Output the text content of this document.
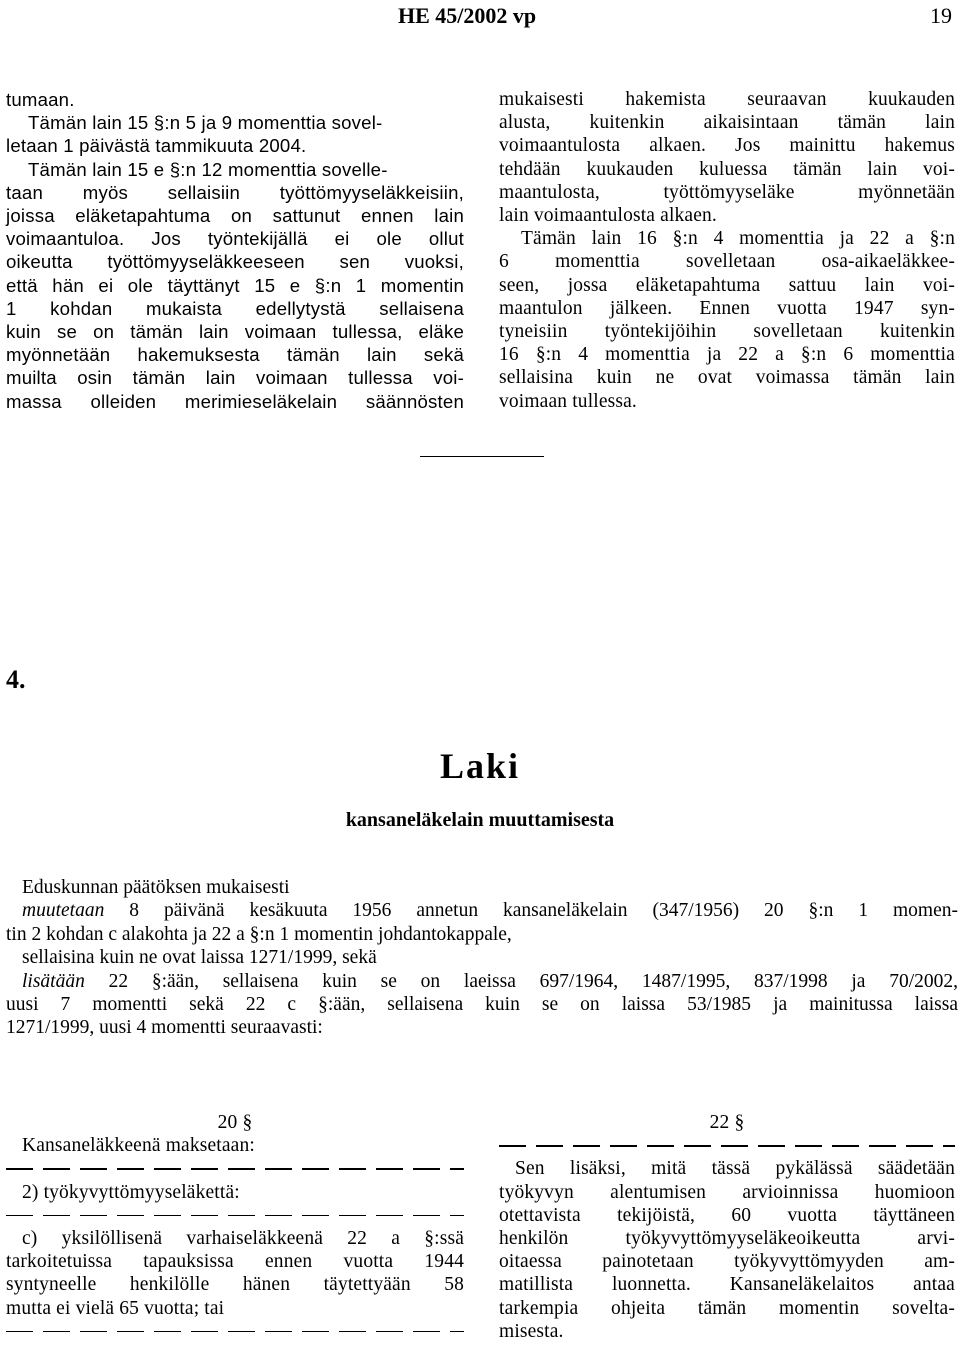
HE 45/2002 vp	19
tumaan.
Tämän lain 15 §:n 5 ja 9 momenttia sovel-
letaan 1 päivästä tammikuuta 2004.
Tämän lain 15 e §:n 12 momenttia sovelle-
taan myös sellaisiin työttömyyseläkkeisiin,
joissa eläketapahtuma on sattunut ennen lain
voimaantuloa. Jos työntekijällä ei ole ollut
oikeutta työttömyyseläkkeeseen sen vuoksi,
että hän ei ole täyttänyt 15 e §:n 1 momentin
1 kohdan mukaista edellytystä sellaisena
kuin se on tämän lain voimaan tullessa, eläke
myönnetään hakemuksesta tämän lain sekä
muilta osin tämän lain voimaan tullessa voi-
massa olleiden merimieseläkelain säännösten
mukaisesti hakemista seuraavan kuukauden
alusta, kuitenkin aikaisintaan tämän lain
voimaantulosta alkaen. Jos mainittu hakemus
tehdään kuukauden kuluessa tämän lain voi-
maantulosta, työttömyyseläke myönnetään
lain voimaantulosta alkaen.
Tämän lain 16 §:n 4 momenttia ja 22 a §:n
6 momenttia sovelletaan osa-aikaeläkkee-
seen, jossa eläketapahtuma sattuu lain voi-
maantulon jälkeen. Ennen vuotta 1947 syn-
tyneisiin työntekijöihin sovelletaan kuitenkin
16 §:n 4 momenttia ja 22 a §:n 6 momenttia
sellaisina kuin ne ovat voimassa tämän lain
voimaan tullessa.
4.
Laki
kansaneläkelain muuttamisesta
Eduskunnan päätöksen mukaisesti
muutetaan 8 päivänä kesäkuuta 1956 annetun kansaneläkelain (347/1956) 20 §:n 1 momen-
tin 2 kohdan c alakohta ja 22 a §:n 1 momentin johdantokappale,
sellaisina kuin ne ovat laissa 1271/1999, sekä
lisätään 22 §:ään, sellaisena kuin se on laeissa 697/1964, 1487/1995, 837/1998 ja 70/2002,
uusi 7 momentti sekä 22 c §:ään, sellaisena kuin se on laissa 53/1985 ja mainitussa laissa
1271/1999, uusi 4 momentti seuraavasti:
20 §
Kansaneläkkeenä maksetaan:
2) työkyvyttömyyseläkettä:
c) yksilöllisenä varhaiseläkkeenä 22 a §:ssä
tarkoitetuissa tapauksissa ennen vuotta 1944
syntyneelle henkilölle hänen täytettyään 58
mutta ei vielä 65 vuotta; tai
22 §
Sen lisäksi, mitä tässä pykälässä säädetään
työkyvyn alentumisen arvioinnissa huomioon
otettavista tekijöistä, 60 vuotta täyttäneen
henkilön työkyvyttömyyseläkeoikeutta arvi-
oitaessa painotetaan työkyvyttömyyden am-
matillista luonnetta. Kansaneläkelaitos antaa
tarkempia ohjeita tämän momentin sovelta-
misesta.
